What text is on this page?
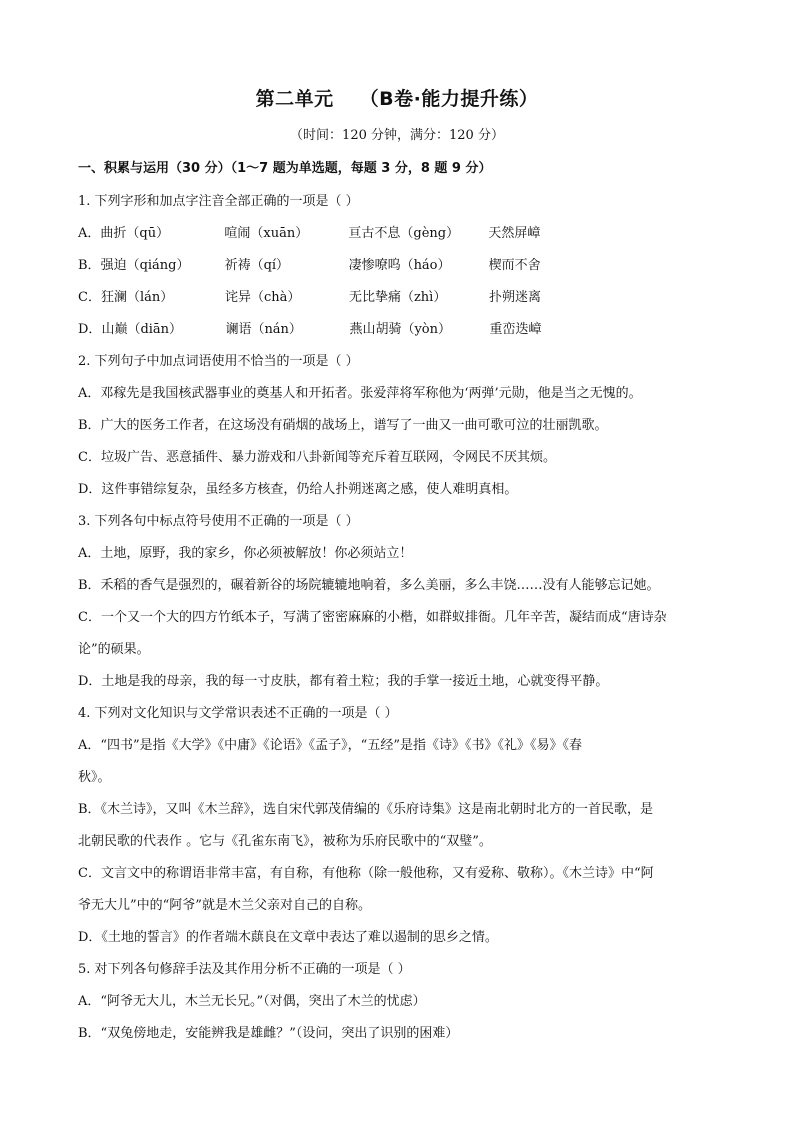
第二单元 （B卷·能力提升练）
（时间：120 分钟，满分：120 分）
一、积累与运用（30 分）（1～7 题为单选题，每题 3 分，8 题 9 分）
1. 下列字形和加点字注音全部正确的一项是（ ）
A．曲折（qū）	喧闹（xuān）	亘古不息（gèng） 天然屏嶂
B．强迫（qiáng）	祈祷（qí）	凄惨嘹呜（háo）	楔而不舍
C．狂澜（lán）	诧异（chà）	无比挚痛（zhì）	扑朔迷离
D．山巅（diān）	谰语（nán）	燕山胡骑（yòn）	重峦迭嶂
2. 下列句子中加点词语使用不恰当的一项是（ ）
A．邓稼先是我国核武器事业的奠基人和开拓者。张爱萍将军称他为‘两弹’元勋，他是当之无愧的。
B．广大的医务工作者，在这场没有硝烟的战场上，谱写了一曲又一曲可歌可泣的壮丽凯歌。
C．垃圾广告、恶意插件、暴力游戏和八卦新闻等充斥着互联网，令网民不厌其烦。
D．这件事错综复杂，虽经多方核查，仍给人扑朔迷离之感，使人难明真相。
3. 下列各句中标点符号使用不正确的一项是（ ）
A．土地，原野，我的家乡，你必须被解放！你必须站立！
B．禾稻的香气是强烈的，碾着新谷的场院辘辘地响着，多么美丽，多么丰饶……没有人能够忘记她。
C．一个又一个大的四方竹纸本子，写满了密密麻麻的小楷，如群蚁排衙。几年辛苦，凝结而成“唐诗杂
论”的硕果。
D．土地是我的母亲，我的每一寸皮肤，都有着土粒；我的手掌一接近土地，心就变得平静。
4. 下列对文化知识与文学常识表述不正确的一项是（ ）
A．“四书”是指《大学》《中庸》《论语》《孟子》，“五经”是指《诗》《书》《礼》《易》《春
秋》。
B．《木兰诗》，又叫《木兰辞》，选自宋代郭茂倩编的《乐府诗集》这是南北朝时北方的一首民歌，是
北朝民歌的代表作 。它与《孔雀东南飞》，被称为乐府民歌中的“双璧”。
C．文言文中的称谓语非常丰富，有自称，有他称（除一般他称，又有爱称、敬称）。《木兰诗》中“阿
爷无大儿”中的“阿爷”就是木兰父亲对自己的自称。
D．《土地的誓言》的作者端木蕻良在文章中表达了难以遏制的思乡之情。
5. 对下列各句修辞手法及其作用分析不正确的一项是（ ）
A．“阿爷无大儿，木兰无长兄。”（对偶，突出了木兰的忧虑）
B．“双兔傍地走，安能辨我是雄雌？”（设问，突出了识别的困难）
